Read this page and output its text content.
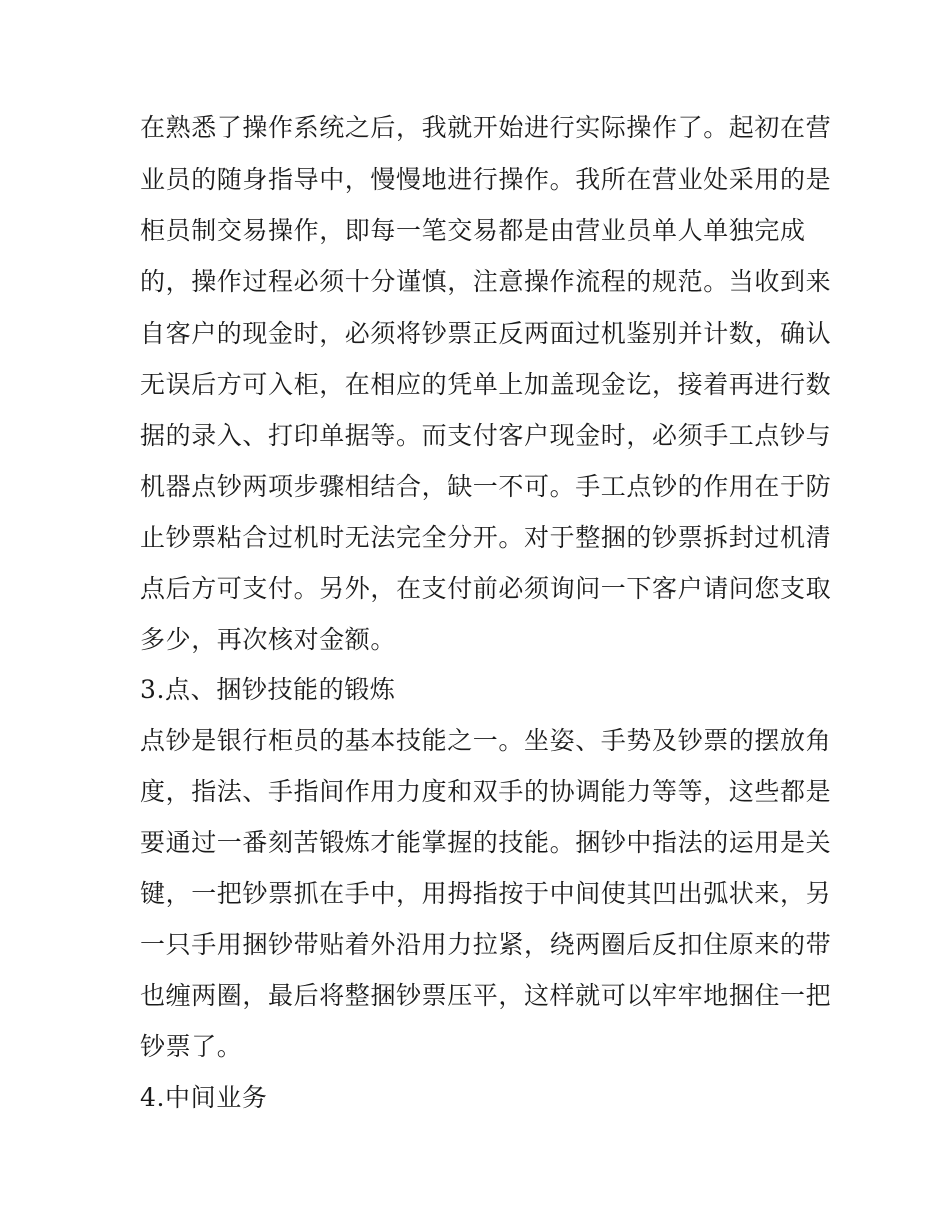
在熟悉了操作系统之后，我就开始进行实际操作了。起初在营
业员的随身指导中，慢慢地进行操作。我所在营业处采用的是
柜员制交易操作，即每一笔交易都是由营业员单人单独完成
的，操作过程必须十分谨慎，注意操作流程的规范。当收到来
自客户的现金时，必须将钞票正反两面过机鉴别并计数，确认
无误后方可入柜，在相应的凭单上加盖现金讫，接着再进行数
据的录入、打印单据等。而支付客户现金时，必须手工点钞与
机器点钞两项步骤相结合，缺一不可。手工点钞的作用在于防
止钞票粘合过机时无法完全分开。对于整捆的钞票拆封过机清
点后方可支付。另外，在支付前必须询问一下客户请问您支取
多少，再次核对金额。
3.点、捆钞技能的锻炼
点钞是银行柜员的基本技能之一。坐姿、手势及钞票的摆放角
度，指法、手指间作用力度和双手的协调能力等等，这些都是
要通过一番刻苦锻炼才能掌握的技能。捆钞中指法的运用是关
键，一把钞票抓在手中，用拇指按于中间使其凹出弧状来，另
一只手用捆钞带贴着外沿用力拉紧，绕两圈后反扣住原来的带
也缠两圈，最后将整捆钞票压平，这样就可以牢牢地捆住一把
钞票了。
4.中间业务
